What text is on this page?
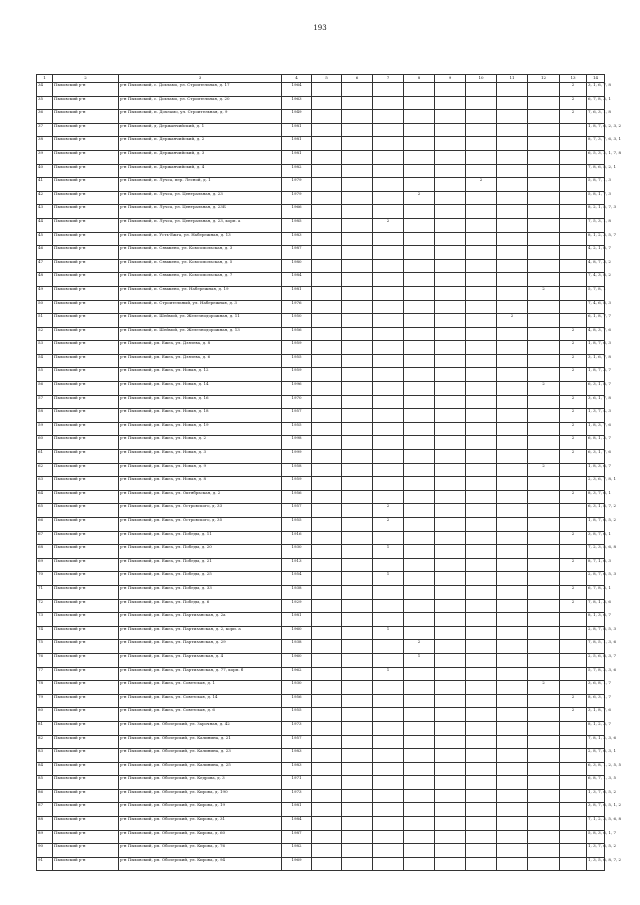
193
1	2	3	4	5	6	7	8	9	10	11	12	13	14
34	Пыховский р-н	р-н Пыховский, с. Дохламо, ул. Строительная, д. 17	1964									2	3, 1, 6, 7, 8
35	Пыховский р-н	р-н Пыховский, с. Дохламо, ул. Строительная, д. 20	1963									2	6, 7, 8, 3, 1
36	Пыховский р-н	р-н Пыховский, п. Дохламо, ул. Строительная, д. 9	1949									2	7, 6, 3, 1, 8
37	Пыховский р-н	р-н Пыховский, д. Держанчийский, д. 1	1981										1, 8, 7, 6, 2, 3, 2
38	Пыховский р-н	р-н Пыховский, п. Держанчийский, д. 2	1981										8, 7, 3, 7, 6, 3, 1
39	Пыховский р-н	р-н Пыховский, п. Держанчийский, д. 3	1981										6, 5, 3, 2, 1, 7, 8
40	Пыховский р-н	р-н Пыховский, п. Держанчийский, д. 4	1982										7, 8, 6, 5, 2, 1
41	Пыховский р-н	р-н Пыховский, п. Лучса, пер. Лесной, д. 1	1979						2				5, 8, 7, 1, 3
42	Пыховский р-н	р-н Пыховский, п. Лучса, ул. Центральная, д. 23	1979				2						5, 8, 1, 7, 3
43	Пыховский р-н	р-н Пыховский, п. Лучса, ул. Центральная, д. 23Б	1966										8, 2, 1, 5, 7, 3
44	Пыховский р-н	р-н Пыховский, п. Лучса, ул. Центральная, д. 23, корп. а	1985			2							7, 5, 3, 1, 8
45	Пыховский р-н	р-н Пыховский, п. Усть-Ежга, ул. Набережная, д. 13	1983										8, 1, 2, 3, 5, 7
46	Пыховский р-н	р-н Пыховский, п. Сямжено, ул. Комсомольская, д. 3	1987										4, 2, 1, 8, 7
47	Пыховский р-н	р-н Пыховский, п. Сямжено, ул. Комсомольская, д. 5	1980										4, 8, 7, 3, 2
48	Пыховский р-н	р-н Пыховский, п. Сямжено, ул. Комсомольская, д. 7	1984										7, 4, 3, 8, 2
49	Пыховский р-н	р-н Пыховский, п. Сямжено, ул. Набережная, д. 19	1981								2		5, 7, 8, 1
50	Пыховский р-н	р-н Пыховский, п. Строительный, ул. Набережная, д. 3	1976										7, 4, 6, 8, 3
51	Пыховский р-н	р-н Пыховский, п. Шеймой, ул. Железнодорожная, д. 11	1950							2			6, 1, 8, 7, 7
52	Пыховский р-н	р-н Пыховский, п. Шеймой, ул. Железнодорожная, д. 13	1956									2	4, 8, 3, 7, 6
53	Пыховский р-н	р-н Пыховский, рп. Ежга, ул. Дзязева, д. 8	1959									2	1, 8, 7, 6, 3
54	Пыховский р-н	р-н Пыховский, рп. Ежга, ул. Дзязева, д. 6	1955									2	3, 1, 6, 7, 8
55	Пыховский р-н	р-н Пыховский, рп. Ежга, ул. Новая, д. 12	1959									2	1, 8, 7, 3, 7
56	Пыховский р-н	р-н Пыховский, рп. Ежга, ул. Новая, д. 14	1996								2		6, 3, 1, 8, 7
57	Пыховский р-н	р-н Пыховский, рп. Ежга, ул. Новая, д. 16	1970									2	3, 6, 1, 7, 8
58	Пыховский р-н	р-н Пыховский, рп. Ежга, ул. Новая, д. 18	1957									2	1, 3, 7, 4, 3
59	Пыховский р-н	р-н Пыховский, рп. Ежга, ул. Новая, д. 19	1955									2	1, 8, 3, 7, 6
60	Пыховский р-н	р-н Пыховский, рп. Ежга, ул. Новая, д. 2	1998									2	6, 8, 1, 3, 7
61	Пыховский р-н	р-н Пыховский, рп. Ежга, ул. Новая, д. 3	1999									2	6, 3, 1, 7, 6
62	Пыховский р-н	р-н Пыховский, рп. Ежга, ул. Новая, д. 9	1958								2		1, 8, 3, 6, 7
63	Пыховский р-н	р-н Пыховский, рп. Ежга, ул. Новая, д. 8	1959										2, 3, 6, 7, 8, 1
64	Пыховский р-н	р-н Пыховский, рп. Ежга, ул. Октябрьская, д. 2	1956									2	8, 3, 7, 6, 1
65	Пыховский р-н	р-н Пыховский, рп. Ежга, ул. Островского, д. 33	1957			2							6, 3, 1, 8, 7, 2
66	Пыховский р-н	р-н Пыховский, рп. Ежга, ул. Островского, д. 35	1955			2							1, 8, 7, 6, 5, 2
67	Пыховский р-н	р-н Пыховский, рп. Ежга, ул. Победы, д. 11	1916									2	3, 8, 7, 6, 1
68	Пыховский р-н	р-н Пыховский, рп. Ежга, ул. Победы, д. 20	1930			1							7, 2, 3, 5, 6, 8
69	Пыховский р-н	р-н Пыховский, рп. Ежга, ул. Победы, д. 21	1913									2	8, 7, 1, 6, 3
70	Пыховский р-н	р-н Пыховский, рп. Ежга, ул. Победы, д. 25	1954			1							2, 8, 7, 6, 5, 3
71	Пыховский р-н	р-н Пыховский, рп. Ежга, ул. Победы, д. 33	1938									2	6, 7, 8, 3, 1
72	Пыховский р-н	р-н Пыховский, рп. Ежга, ул. Победы, д. 6	1929									2	7, 8, 1, 3, 6
73	Пыховский р-н	р-н Пыховский, рп. Ежга, ул. Партизанская, д. 2а	1981										8, 1, 3, 6, 7
74	Пыховский р-н	р-н Пыховский, рп. Ежга, ул. Партизанская, д. 2, корп. а	1960			1							2, 8, 7, 8, 5, 3
75	Пыховский р-н	р-н Пыховский, рп. Ежга, ул. Партизанская, д. 29	1938				2						7, 8, 5, 1, 3, 6
76	Пыховский р-н	р-н Пыховский, рп. Ежга, ул. Партизанская, д. 4	1960				1						2, 5, 6, 8, 3, 7
77	Пыховский р-н	р-н Пыховский, рп. Ежга, ул. Партизанская, д. 77, корп. б	1962			1							5, 7, 8, 2, 3, 6
78	Пыховский р-н	р-н Пыховский, рп. Ежга, ул. Советская, д. 1	1930								2		3, 6, 8, 1, 7
79	Пыховский р-н	р-н Пыховский, рп. Ежга, ул. Советская, д. 14	1956									2	8, 6, 3, 1, 7
80	Пыховский р-н	р-н Пыховский, рп. Ежга, ул. Советская, д. 6	1955									2	3, 1, 8, 7, 6
81	Пыховский р-н	р-н Пыховский, рп. Обозерский, ул. Зарочная, д. 42	1973										8, 1, 2, 3, 7
82	Пыховский р-н	р-н Пыховский, рп. Обозерский, ул. Калинина, д. 21	1957										7, 8, 1, 2, 3, 6
83	Пыховский р-н	р-н Пыховский, рп. Обозерский, ул. Калинина, д. 23	1983										2, 8, 7, 6, 3, 1
84	Пыховский р-н	р-н Пыховский, рп. Обозерский, ул. Калинина, д. 25	1983										6, 3, 8, 1, 2, 5, 5
85	Пыховский р-н	р-н Пыховский, рп. Обозерский, ул. Кедрова, д. 3	1971										6, 8, 7, 1, 3, 5
86	Пыховский р-н	р-н Пыховский, рп. Обозерский, ул. Кирова, д. 190	1973										1, 3, 7, 6, 5, 2
87	Пыховский р-н	р-н Пыховский, рп. Обозерский, ул. Кирова, д. 19	1981										3, 8, 7, 6, 5, 1, 2
88	Пыховский р-н	р-н Пыховский, рп. Обозерский, ул. Кирова, д. 31	1984										7, 1, 2, 3, 5, 6, 8
89	Пыховский р-н	р-н Пыховский, рп. Обозерский, ул. Кирова, д. 60	1987										5, 8, 3, 6, 1, 7
90	Пыховский р-н	р-н Пыховский, рп. Обозерский, ул. Кирова, д. 76	1982										1, 3, 7, 6, 5, 2
91	Пыховский р-н	р-н Пыховский, рп. Обозерский, ул. Кирова, д. 94	1969										1, 3, 5, 6, 8, 7, 2
